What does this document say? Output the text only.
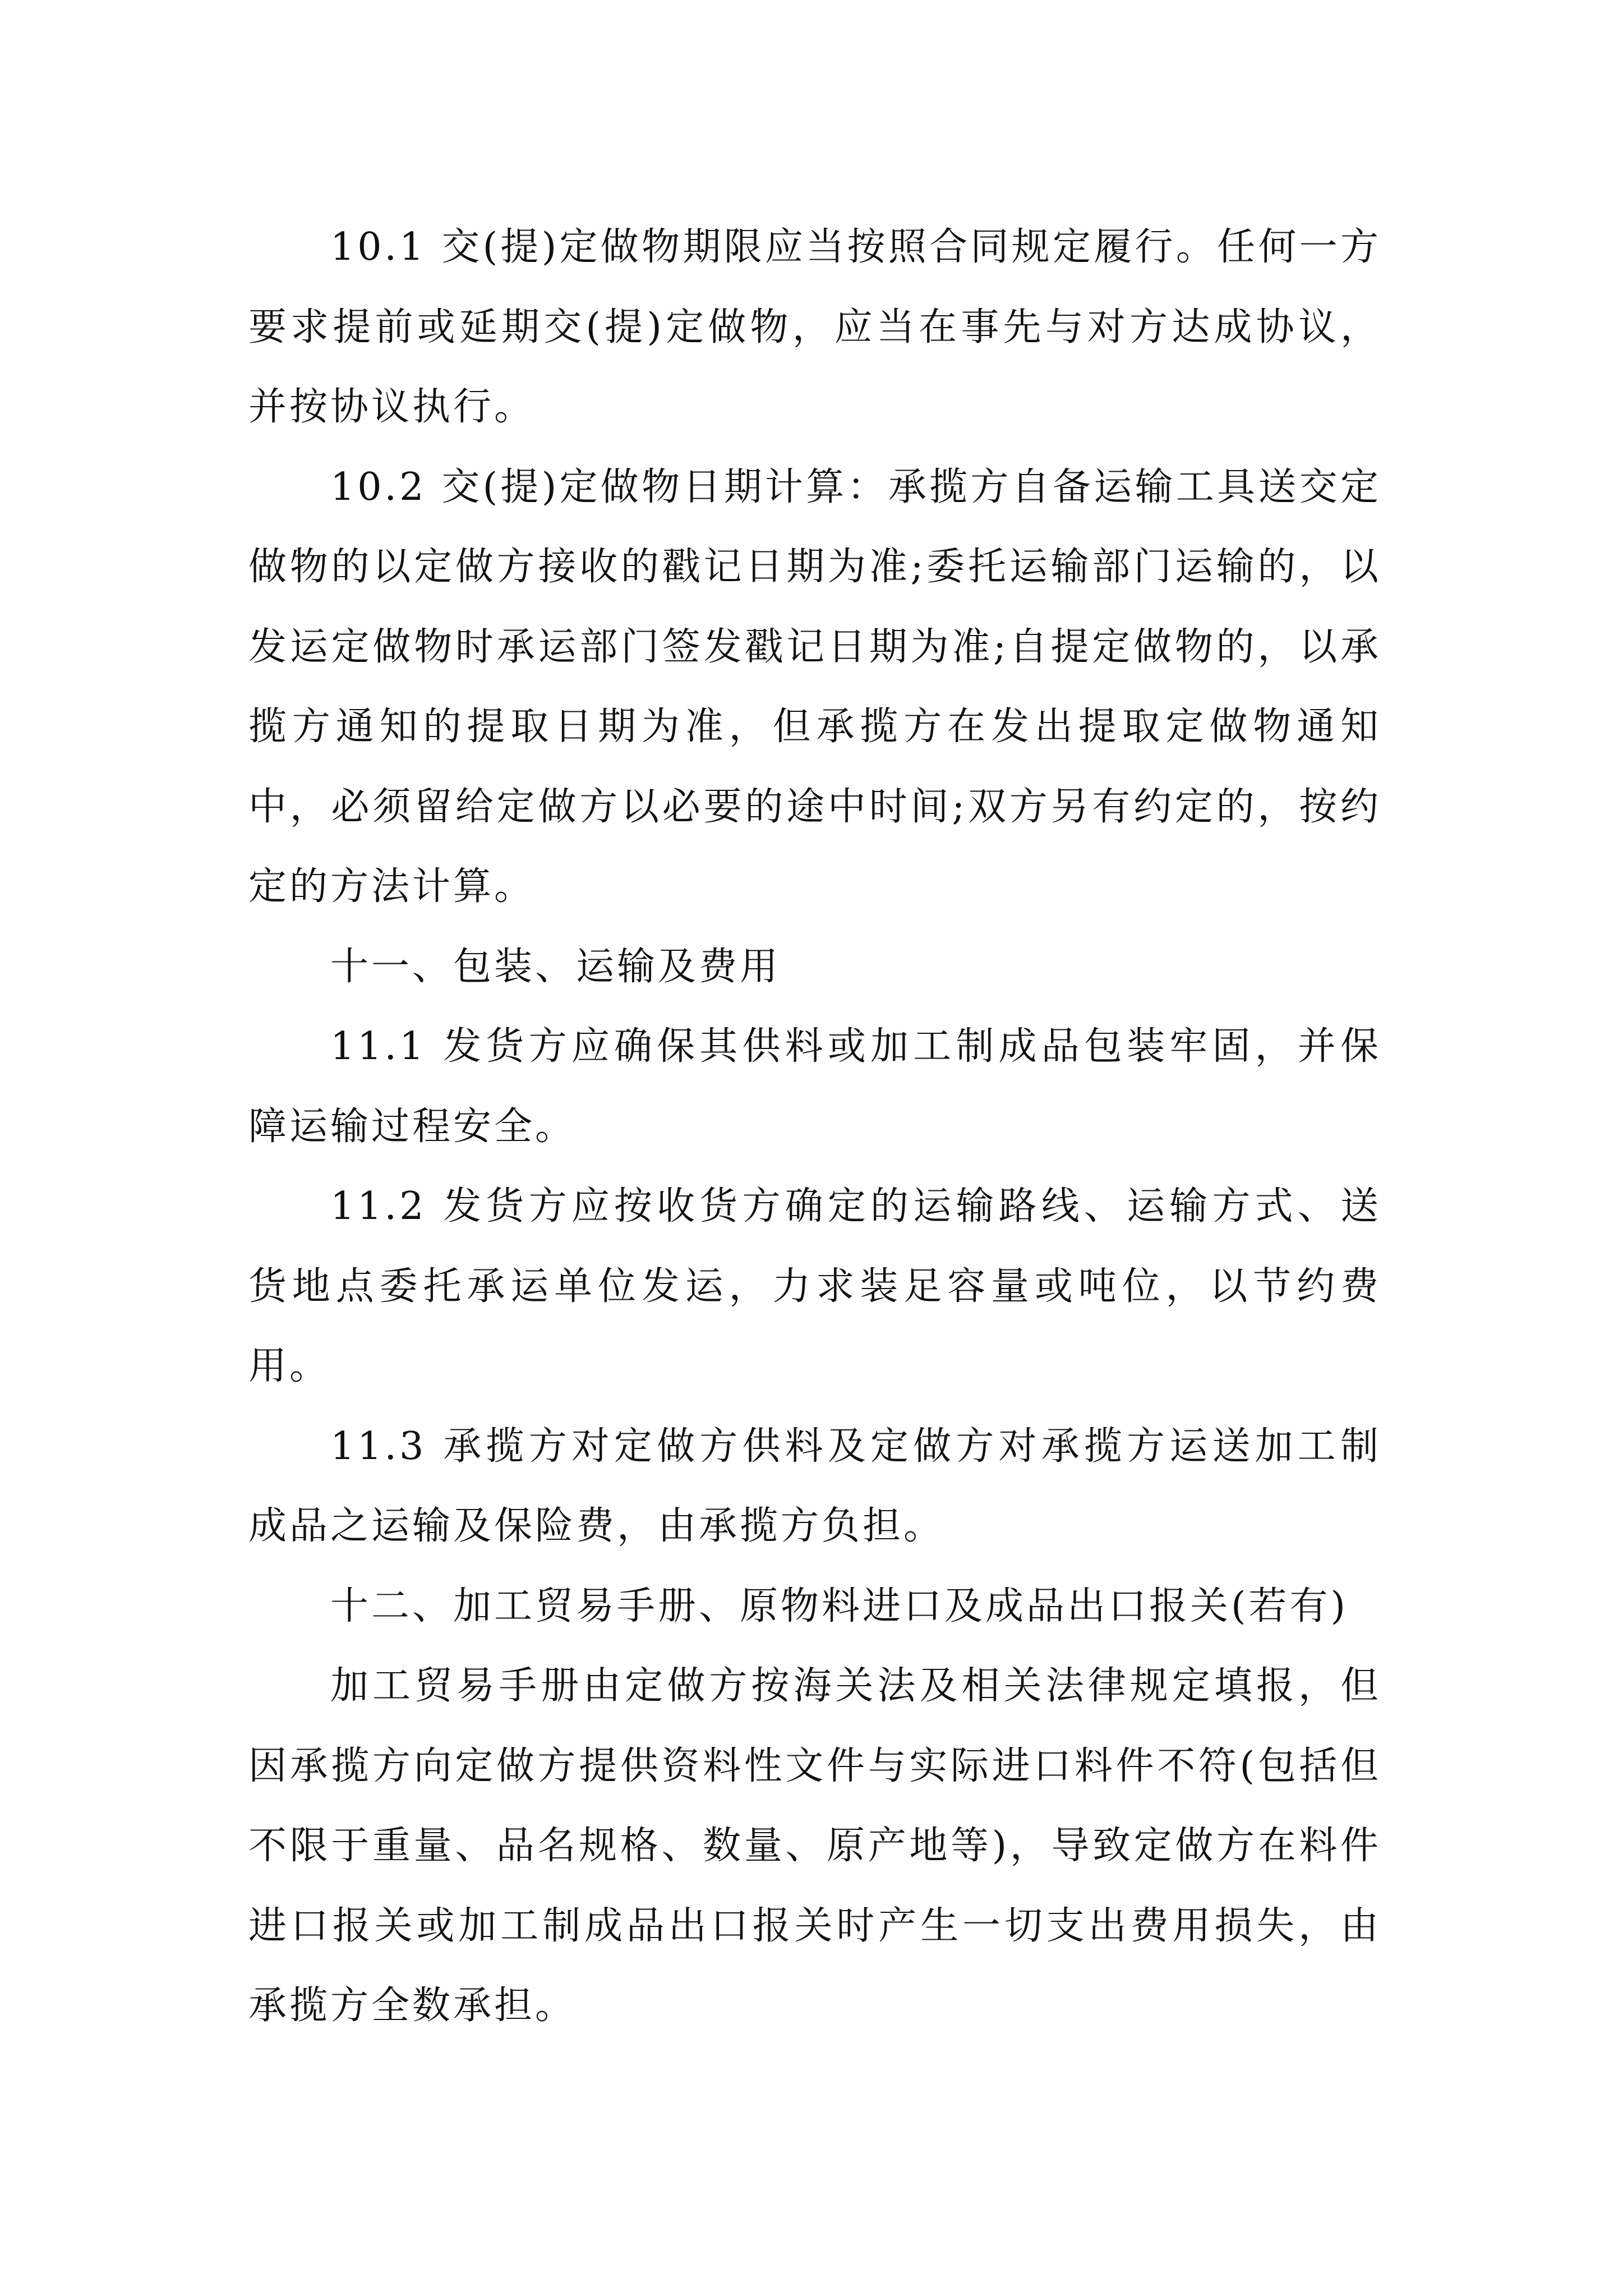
10.1 交(提)定做物期限应当按照合同规定履行。任何一方要求提前或延期交(提)定做物，应当在事先与对方达成协议，并按协议执行。

10.2 交(提)定做物日期计算：承揽方自备运输工具送交定做物的以定做方接收的戳记日期为准;委托运输部门运输的，以发运定做物时承运部门签发戳记日期为准;自提定做物的，以承揽方通知的提取日期为准，但承揽方在发出提取定做物通知中，必须留给定做方以必要的途中时间;双方另有约定的，按约定的方法计算。

十一、包装、运输及费用

11.1 发货方应确保其供料或加工制成品包装牢固，并保障运输过程安全。

11.2 发货方应按收货方确定的运输路线、运输方式、送货地点委托承运单位发运，力求装足容量或吨位，以节约费用。

11.3 承揽方对定做方供料及定做方对承揽方运送加工制成品之运输及保险费，由承揽方负担。

十二、加工贸易手册、原物料进口及成品出口报关(若有)

加工贸易手册由定做方按海关法及相关法律规定填报，但因承揽方向定做方提供资料性文件与实际进口料件不符(包括但不限于重量、品名规格、数量、原产地等)，导致定做方在料件进口报关或加工制成品出口报关时产生一切支出费用损失，由承揽方全数承担。
